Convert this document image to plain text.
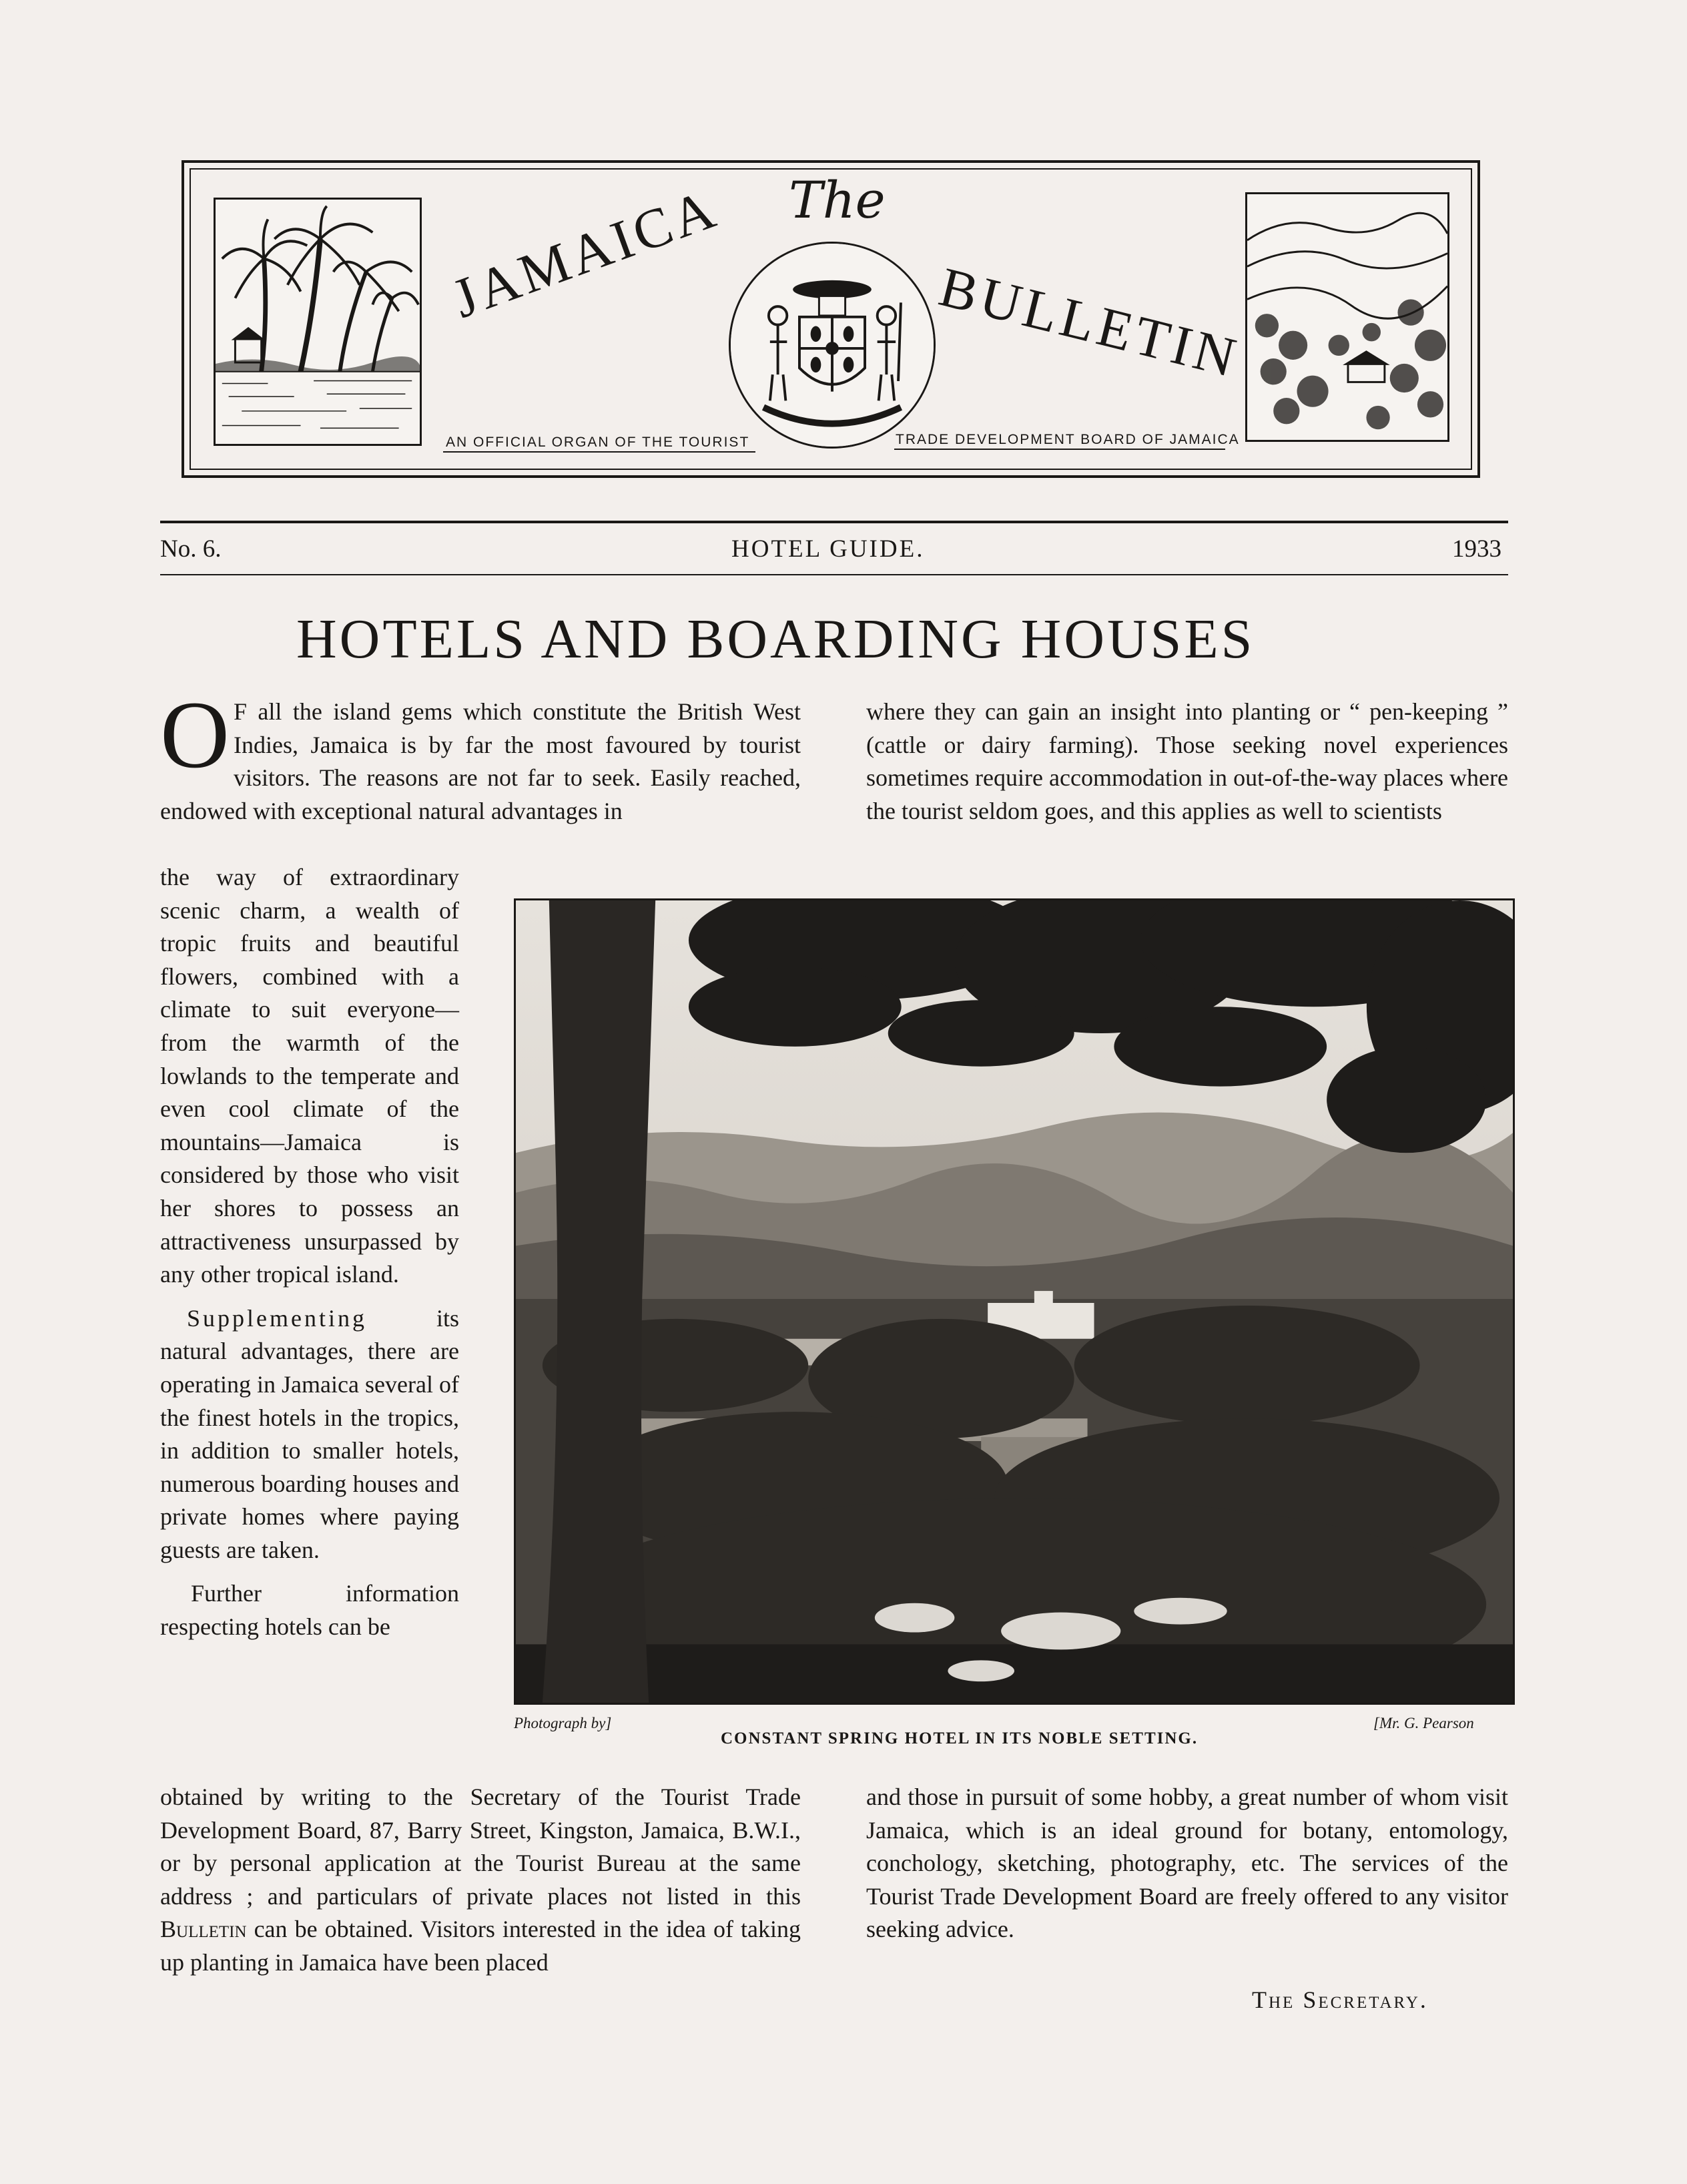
The
JAMAICA	BULLETIN
AN OFFICIAL ORGAN OF THE TOURIST	TRADE DEVELOPMENT BOARD OF JAMAICA
No. 6.	HOTEL GUIDE.	1933
HOTELS AND BOARDING HOUSES
O F all the island gems which constitute the British West Indies, Jamaica is by far the most favoured by tourist visitors. The reasons are not far to seek. Easily reached, endowed with exceptional natural advantages in

the way of extraordinary scenic charm, a wealth of tropic fruits and beautiful flowers, combined with a climate to suit everyone—from the warmth of the lowlands to the temperate and even cool climate of the mountains—Jamaica is considered by those who visit her shores to possess an attractiveness unsurpassed by any other tropical island.

Supplementing its natural advantages, there are operating in Jamaica several of the finest hotels in the tropics, in addition to smaller hotels, numerous boarding houses and private homes where paying guests are taken.

Further information respecting hotels can be

obtained by writing to the Secretary of the Tourist Trade Development Board, 87, Barry Street, Kingston, Jamaica, B.W.I., or by personal application at the Tourist Bureau at the same address ; and particulars of private places not listed in this Bulletin can be obtained. Visitors interested in the idea of taking up planting in Jamaica have been placed
where they can gain an insight into planting or “ pen-keeping ” (cattle or dairy farming). Those seeking novel experiences sometimes require accommodation in out-of-the-way places where the tourist seldom goes, and this applies as well to scientists
Photograph by]	[Mr. G. Pearson
CONSTANT SPRING HOTEL IN ITS NOBLE SETTING.
and those in pursuit of some hobby, a great number of whom visit Jamaica, which is an ideal ground for botany, entomology, conchology, sketching, photography, etc. The services of the Tourist Trade Development Board are freely offered to any visitor seeking advice.
The Secretary.
